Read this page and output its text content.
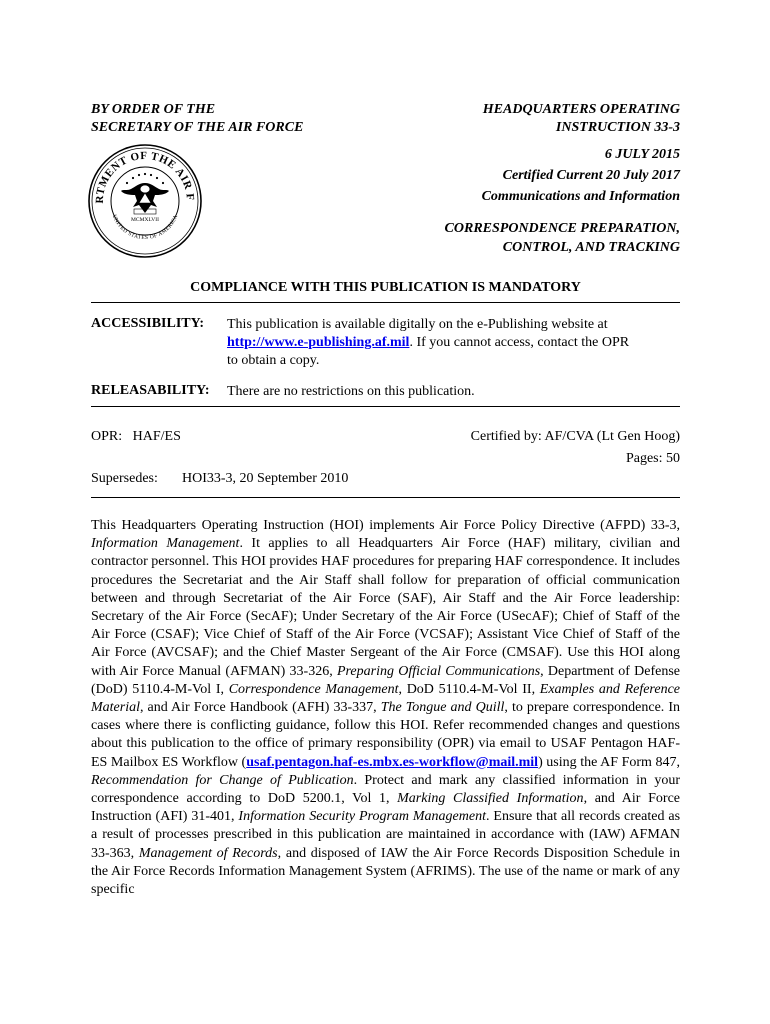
BY ORDER OF THE
SECRETARY OF THE AIR FORCE
HEADQUARTERS OPERATING
INSTRUCTION 33-3
6 JULY 2015
Certified Current 20 July 2017
Communications and Information
CORRESPONDENCE PREPARATION,
CONTROL, AND TRACKING
RTMENT OF THE AIR F
UNITED STATES OF AMERICA
MCMXLVII
COMPLIANCE WITH THIS PUBLICATION IS MANDATORY
ACCESSIBILITY: This publication is available digitally on the e-Publishing website at
http://www.e-publishing.af.mil. If you cannot access, contact the OPR
to obtain a copy.
RELEASABILITY: There are no restrictions on this publication.
OPR:   HAF/ES	Certified by: AF/CVA (Lt Gen Hoog)
Pages: 50
Supersedes: HOI33-3, 20 September 2010
This Headquarters Operating Instruction (HOI) implements Air Force Policy Directive (AFPD) 33-3, Information Management. It applies to all Headquarters Air Force (HAF) military, civilian and contractor personnel. This HOI provides HAF procedures for preparing HAF correspondence. It includes procedures the Secretariat and the Air Staff shall follow for preparation of official communication between and through Secretariat of the Air Force (SAF), Air Staff and the Air Force leadership: Secretary of the Air Force (SecAF); Under Secretary of the Air Force (USecAF); Chief of Staff of the Air Force (CSAF); Vice Chief of Staff of the Air Force (VCSAF); Assistant Vice Chief of Staff of the Air Force (AVCSAF); and the Chief Master Sergeant of the Air Force (CMSAF). Use this HOI along with Air Force Manual (AFMAN) 33-326, Preparing Official Communications, Department of Defense (DoD) 5110.4-M-Vol I, Correspondence Management, DoD 5110.4-M-Vol II, Examples and Reference Material, and Air Force Handbook (AFH) 33-337, The Tongue and Quill, to prepare correspondence. In cases where there is conflicting guidance, follow this HOI. Refer recommended changes and questions about this publication to the office of primary responsibility (OPR) via email to USAF Pentagon HAF-ES Mailbox ES Workflow (usaf.pentagon.haf-es.mbx.es-workflow@mail.mil) using the AF Form 847, Recommendation for Change of Publication. Protect and mark any classified information in your correspondence according to DoD 5200.1, Vol 1, Marking Classified Information, and Air Force Instruction (AFI) 31-401, Information Security Program Management. Ensure that all records created as a result of processes prescribed in this publication are maintained in accordance with (IAW) AFMAN 33-363, Management of Records, and disposed of IAW the Air Force Records Disposition Schedule in the Air Force Records Information Management System (AFRIMS). The use of the name or mark of any specific
